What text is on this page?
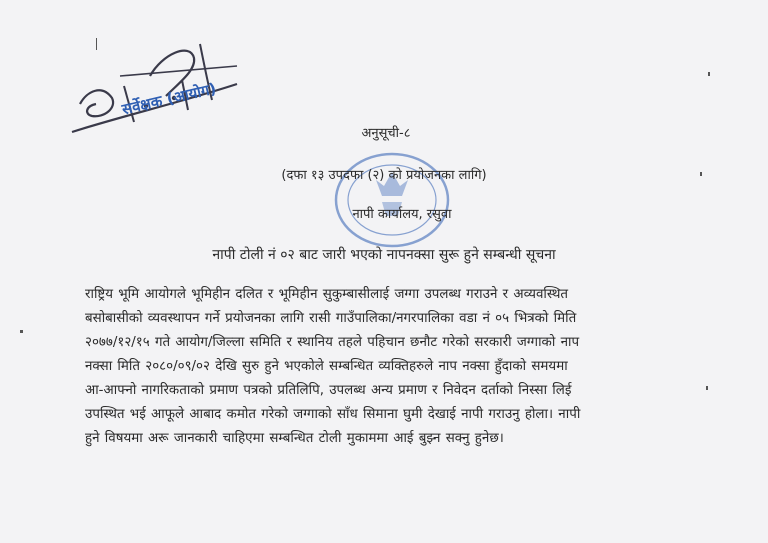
सर्वेक्षक (आयोग)
अनुसूची-८
(दफा १३ उपदफा (२) को प्रयोजनका लागि)
नापी कार्यालय, रसुवा
नापी टोली नं ०२ बाट जारी भएको नापनक्सा सुरू हुने सम्बन्धी सूचना
राष्ट्रिय भूमि आयोगले भूमिहीन दलित र भूमिहीन सुकुम्बासीलाई जग्गा उपलब्ध गराउने र अव्यवस्थित
बसोबासीको व्यवस्थापन गर्ने प्रयोजनका लागि रासी गाउँपालिका/नगरपालिका वडा नं ०५ भित्रको मिति
२०७७/१२/१५ गते आयोग/जिल्ला समिति र स्थानिय तहले पहिचान छनौट गरेको सरकारी जग्गाको नाप
नक्सा मिति २०८०/०९/०२ देखि सुरु हुने भएकोले सम्बन्धित व्यक्तिहरुले नाप नक्सा हुँदाको समयमा
आ-आफ्नो नागरिकताको प्रमाण पत्रको प्रतिलिपि, उपलब्ध अन्य प्रमाण र निवेदन दर्ताको निस्सा लिई
उपस्थित भई आफूले आबाद कमोत गरेको जग्गाको साँध सिमाना घुमी देखाई नापी गराउनु होला। नापी
हुने विषयमा अरू जानकारी चाहिएमा सम्बन्धित टोली मुकाममा आई बुझ्न सक्नु हुनेछ।
